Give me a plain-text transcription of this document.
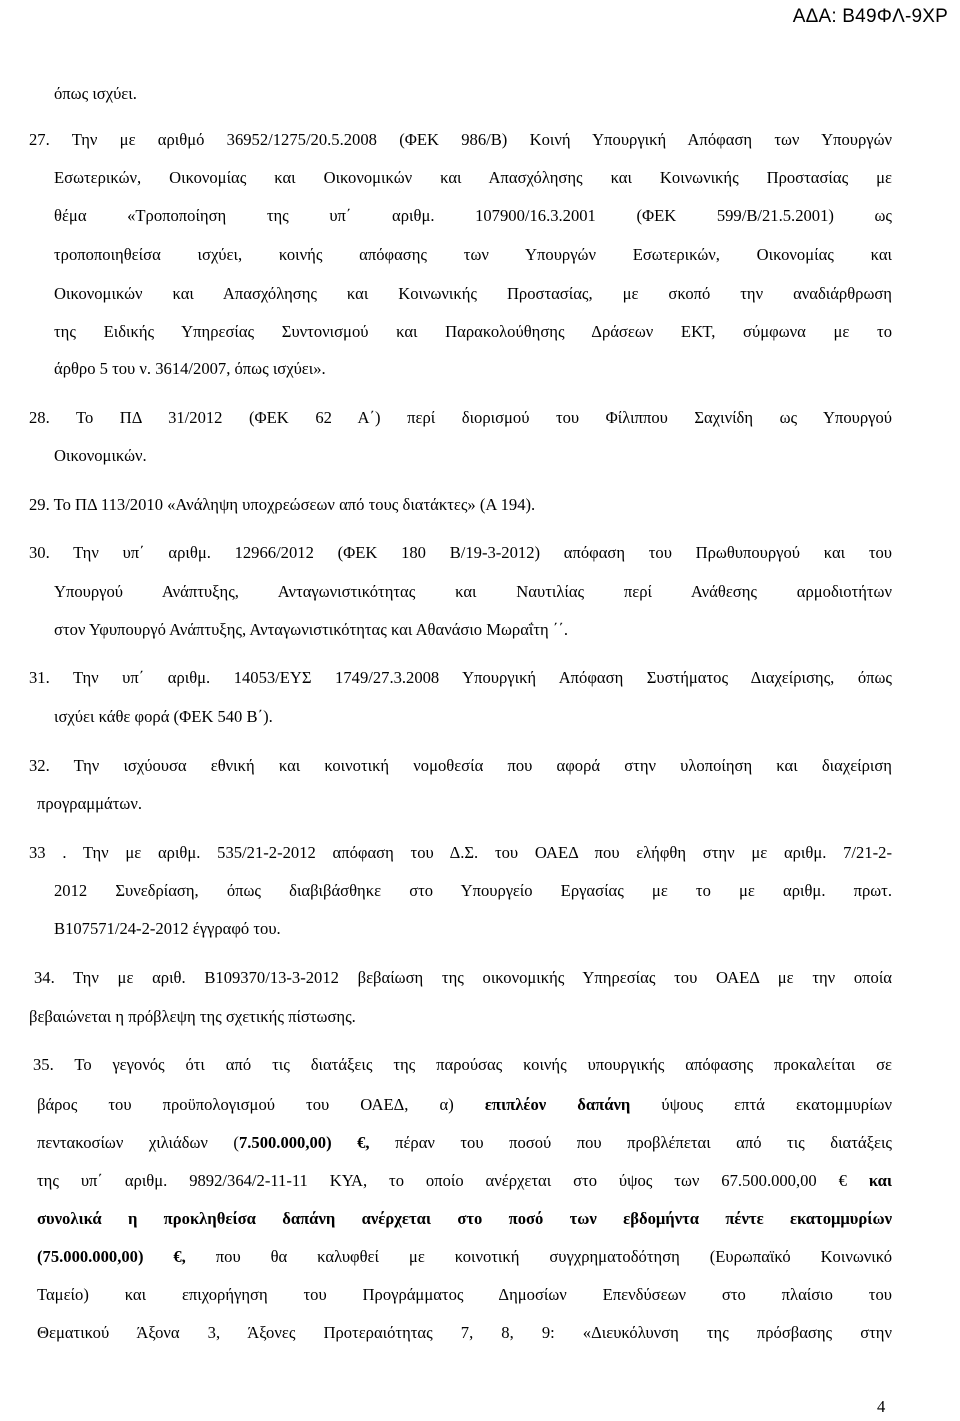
ΑΔΑ: Β49ΦΛ-9ΧΡ
όπως ισχύει.
27. Την με αριθμό 36952/1275/20.5.2008 (ΦΕΚ 986/Β) Κοινή Υπουργική Απόφαση των Υπουργών
Εσωτερικών, Οικονομίας και Οικονομικών και Απασχόλησης και Κοινωνικής Προστασίας με
θέμα «Τροποποίηση της υπ΄ αριθμ. 107900/16.3.2001 (ΦΕΚ 599/Β/21.5.2001) ως
τροποποιηθείσα ισχύει, κοινής απόφασης των Υπουργών Εσωτερικών, Οικονομίας και
Οικονομικών και Απασχόλησης και Κοινωνικής Προστασίας, με σκοπό την αναδιάρθρωση
της Ειδικής Υπηρεσίας Συντονισμού και Παρακολούθησης Δράσεων ΕΚΤ, σύμφωνα με το
άρθρο 5 του ν. 3614/2007, όπως ισχύει».
28. Το ΠΔ 31/2012 (ΦΕΚ 62 Α΄) περί διορισμού του Φίλιππου Σαχινίδη ως Υπουργού
Οικονομικών.
29. Το ΠΔ 113/2010 «Ανάληψη υποχρεώσεων από τους διατάκτες» (Α 194).
30. Την υπ΄ αριθμ. 12966/2012 (ΦΕΚ 180 Β/19-3-2012) απόφαση του Πρωθυπουργού και του
Υπουργού Ανάπτυξης, Ανταγωνιστικότητας και Ναυτιλίας περί Ανάθεσης αρμοδιοτήτων
στον Υφυπουργό Ανάπτυξης, Ανταγωνιστικότητας και Αθανάσιο Μωραΐτη ΄΄.
31. Την υπ΄ αριθμ. 14053/ΕΥΣ 1749/27.3.2008 Υπουργική Απόφαση Συστήματος Διαχείρισης, όπως
ισχύει κάθε φορά (ΦΕΚ 540 Β΄).
32. Την ισχύουσα εθνική και κοινοτική νομοθεσία που αφορά στην υλοποίηση και διαχείριση
προγραμμάτων.
33 . Την με αριθμ. 535/21-2-2012 απόφαση του Δ.Σ. του ΟΑΕΔ που ελήφθη στην με αριθμ. 7/21-2-
2012 Συνεδρίαση, όπως διαβιβάσθηκε στο Υπουργείο Εργασίας με το με αριθμ. πρωτ.
Β107571/24-2-2012 έγγραφό του.
34. Την με αριθ. Β109370/13-3-2012 βεβαίωση της οικονομικής Υπηρεσίας του ΟΑΕΔ με την οποία
βεβαιώνεται η πρόβλεψη της σχετικής πίστωσης.
35. Το γεγονός ότι από τις διατάξεις της παρούσας κοινής υπουργικής απόφασης προκαλείται σε
βάρος του προϋπολογισμού του ΟΑΕΔ, α) επιπλέον δαπάνη ύψους επτά εκατομμυρίων
πεντακοσίων χιλιάδων (7.500.000,00) €, πέραν του ποσού που προβλέπεται από τις διατάξεις
της υπ΄ αριθμ. 9892/364/2-11-11 ΚΥΑ, το οποίο ανέρχεται στο ύψος των 67.500.000,00 € και
συνολικά η προκληθείσα δαπάνη ανέρχεται στο ποσό των εβδομήντα πέντε εκατομμυρίων
(75.000.000,00) €, που θα καλυφθεί με κοινοτική συγχρηματοδότηση (Ευρωπαϊκό Κοινωνικό
Ταμείο) και επιχορήγηση του Προγράμματος Δημοσίων Επενδύσεων στο πλαίσιο του
Θεματικού Άξονα 3, Άξονες Προτεραιότητας 7, 8, 9: «Διευκόλυνση της πρόσβασης στην
4
